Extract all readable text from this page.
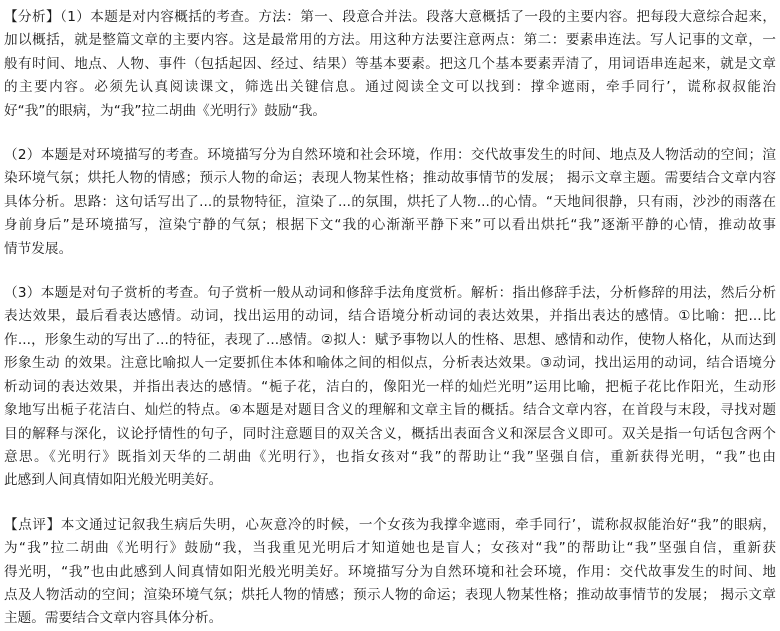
【分析】（1）本题是对内容概括的考查。方法：第一、段意合并法。段落大意概括了一段的主要内容。把每段大意综合起来，
加以概括，就是整篇文章的主要内容。这是最常用的方法。用这种方法要注意两点：第二：要素串连法。写人记事的文章，一
般有时间、地点、人物、事件（包括起因、经过、结果）等基本要素。把这几个基本要素弄清了，用词语串连起来，就是文章
的主要内容。必须先认真阅读课文，筛选出关键信息。通过阅读全文可以找到：撑伞遮雨，牵手同行’，谎称叔叔能治
好“我”的眼病，为“我”拉二胡曲《光明行》鼓励“我。
（2）本题是对环境描写的考查。环境描写分为自然环境和社会环境，作用：交代故事发生的时间、地点及人物活动的空间；渲
染环境气氛；烘托人物的情感；预示人物的命运；表现人物某性格；推动故事情节的发展； 揭示文章主题。需要结合文章内容
具体分析。思路：这句话写出了...的景物特征，渲染了...的氛围，烘托了人物...的心情。“天地间很静，只有雨，沙沙的雨落在
身前身后”是环境描写，渲染宁静的气氛；根据下文“我的心渐渐平静下来”可以看出烘托“我”逐渐平静的心情，推动故事
情节发展。
（3）本题是对句子赏析的考查。句子赏析一般从动词和修辞手法角度赏析。解析：指出修辞手法，分析修辞的用法，然后分析
表达效果，最后看表达感情。动词，找出运用的动词，结合语境分析动词的表达效果，并指出表达的感情。①比喻：把...比
作...，形象生动的写出了...的特征，表现了...感情。②拟人：赋予事物以人的性格、思想、感情和动作，使物人格化，从而达到
形象生动 的效果。注意比喻拟人一定要抓住本体和喻体之间的相似点，分析表达效果。③动词，找出运用的动词，结合语境分
析动词的表达效果，并指出表达的感情。“栀子花，洁白的，像阳光一样的灿烂光明”运用比喻，把栀子花比作阳光，生动形
象地写出栀子花洁白、灿烂的特点。④本题是对题目含义的理解和文章主旨的概括。结合文章内容，在首段与末段，寻找对题
目的解释与深化，议论抒情性的句子，同时注意题目的双关含义，概括出表面含义和深层含义即可。双关是指一句话包含两个
意思。《光明行》既指刘天华的二胡曲《光明行》，也指女孩对“我”的帮助让“我”坚强自信，重新获得光明，“我”也由
此感到人间真情如阳光般光明美好。
【点评】本文通过记叙我生病后失明，心灰意冷的时候，一个女孩为我撑伞遮雨，牵手同行’，谎称叔叔能治好“我”的眼病，
为“我”拉二胡曲《光明行》鼓励“我，当我重见光明后才知道她也是盲人；女孩对“我”的帮助让“我”坚强自信，重新获
得光明，“我”也由此感到人间真情如阳光般光明美好。环境描写分为自然环境和社会环境，作用：交代故事发生的时间、地
点及人物活动的空间；渲染环境气氛；烘托人物的情感；预示人物的命运；表现人物某性格；推动故事情节的发展； 揭示文章
主题。需要结合文章内容具体分析。
